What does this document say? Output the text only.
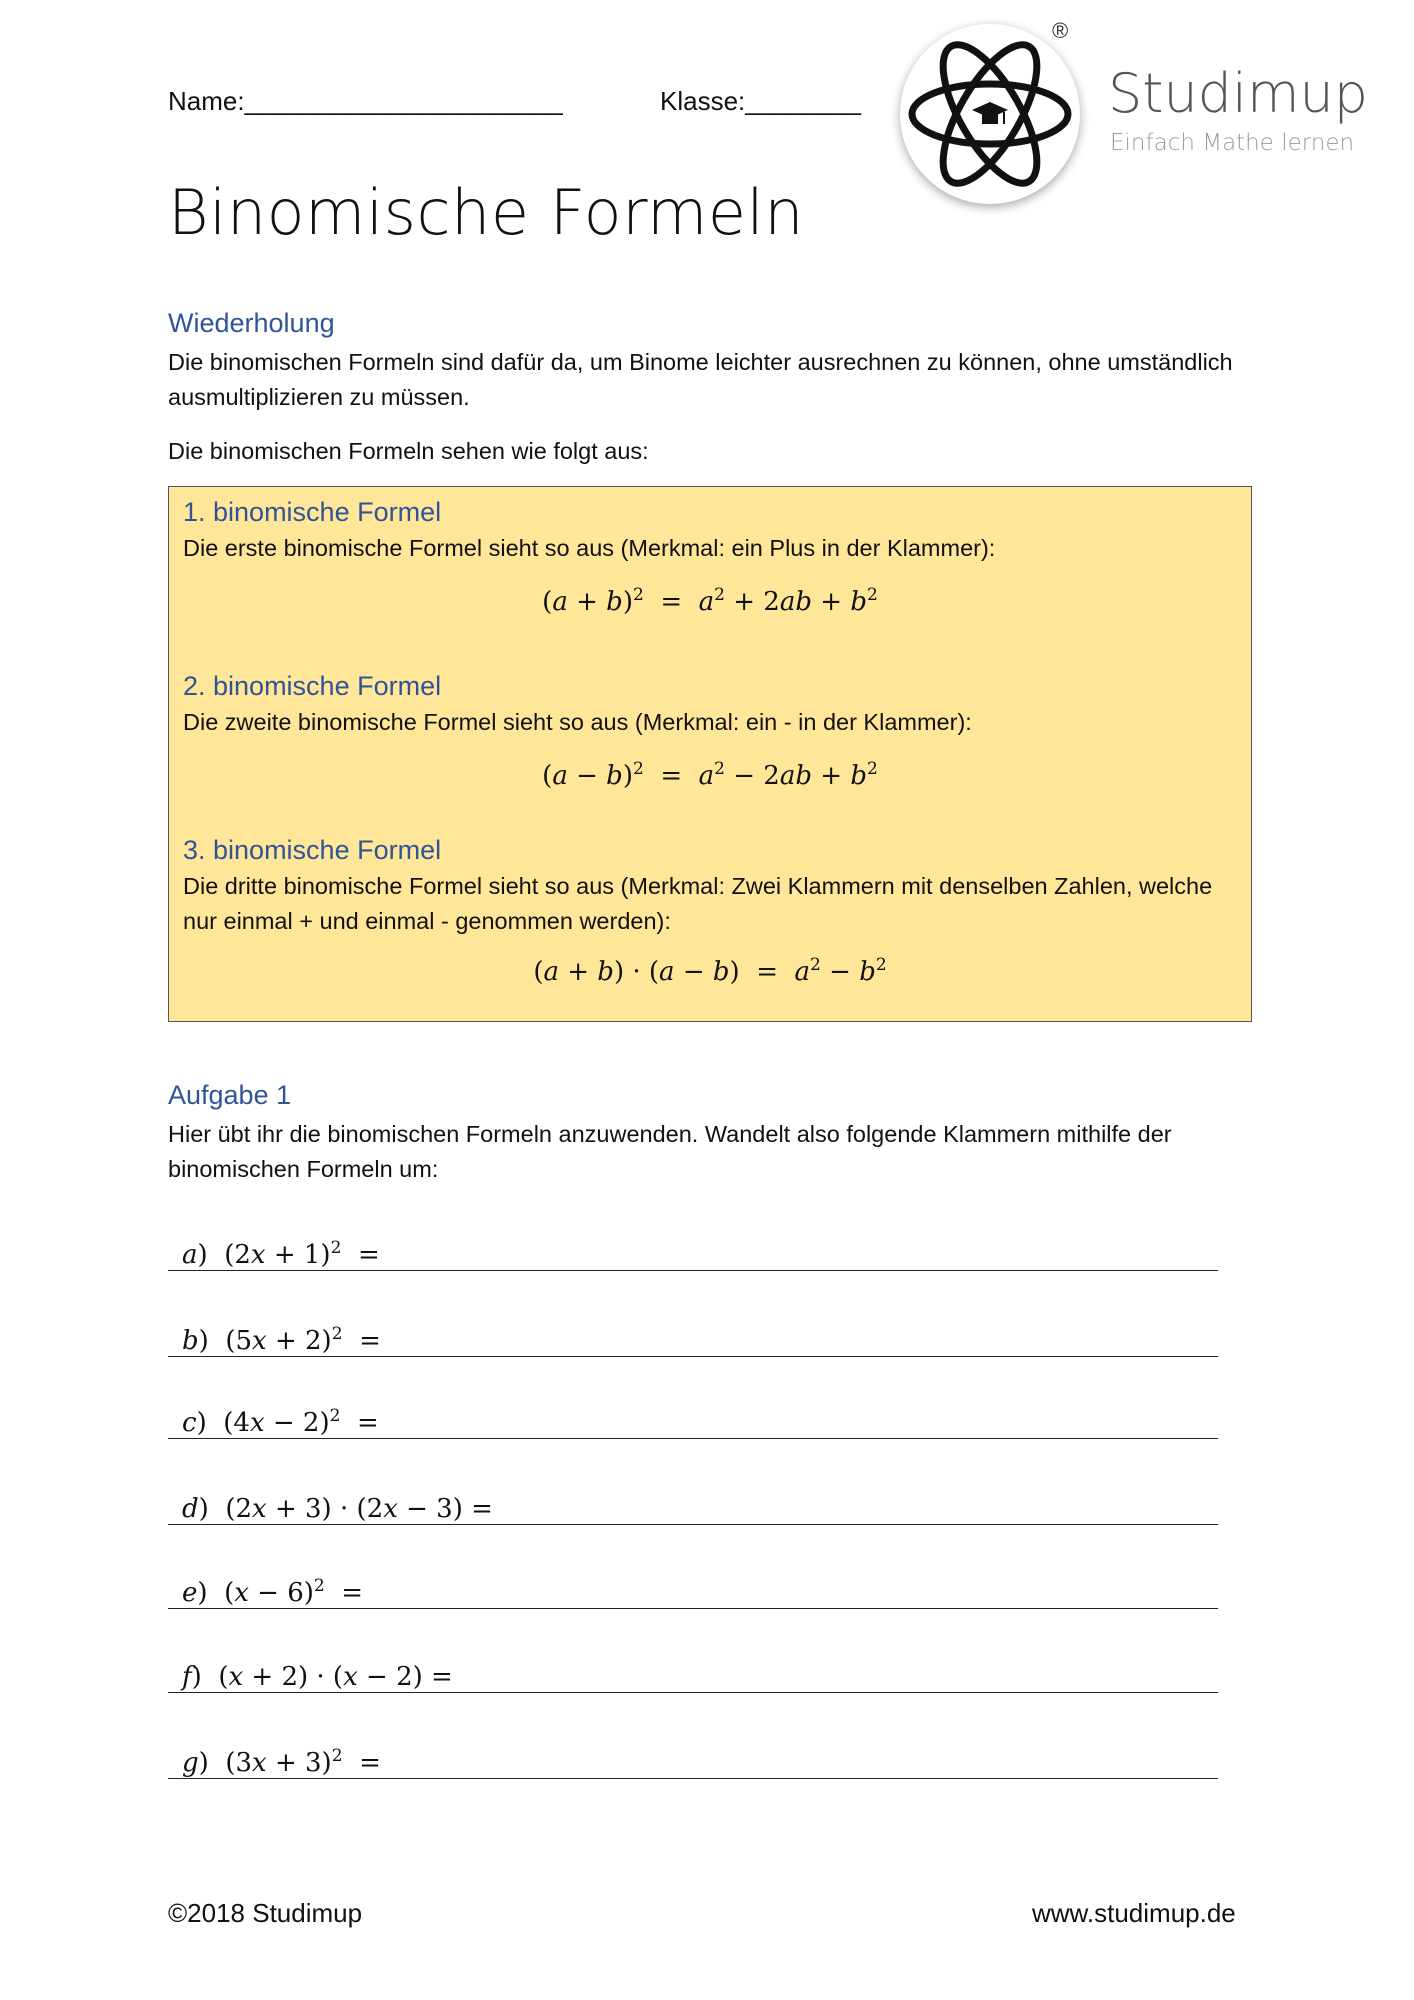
Name:______________________	Klasse:________
®
Studimup
Einfach Mathe lernen
Binomische Formeln
Wiederholung
Die binomischen Formeln sind dafür da, um Binome leichter ausrechnen zu können, ohne umständlich ausmultiplizieren zu müssen.
Die binomischen Formeln sehen wie folgt aus:
1. binomische Formel
Die erste binomische Formel sieht so aus (Merkmal: ein Plus in der Klammer):
$(a + b)^2 = a^2 + 2ab + b^2$
2. binomische Formel
Die zweite binomische Formel sieht so aus (Merkmal: ein - in der Klammer):
$(a - b)^2 = a^2 - 2ab + b^2$
3. binomische Formel
Die dritte binomische Formel sieht so aus (Merkmal: Zwei Klammern mit denselben Zahlen, welche nur einmal + und einmal - genommen werden):
$(a + b) \cdot (a - b) = a^2 - b^2$
Aufgabe 1
Hier übt ihr die binomischen Formeln anzuwenden. Wandelt also folgende Klammern mithilfe der binomischen Formeln um:
a) $(2x + 1)^2$ =
b) $(5x + 2)^2$ =
c) $(4x - 2)^2$ =
d) (2x + 3) · (2x − 3) =
e) $(x - 6)^2$ =
f) (x + 2) · (x − 2) =
g) $(3x + 3)^2$ =
©2018 Studimup	www.studimup.de
